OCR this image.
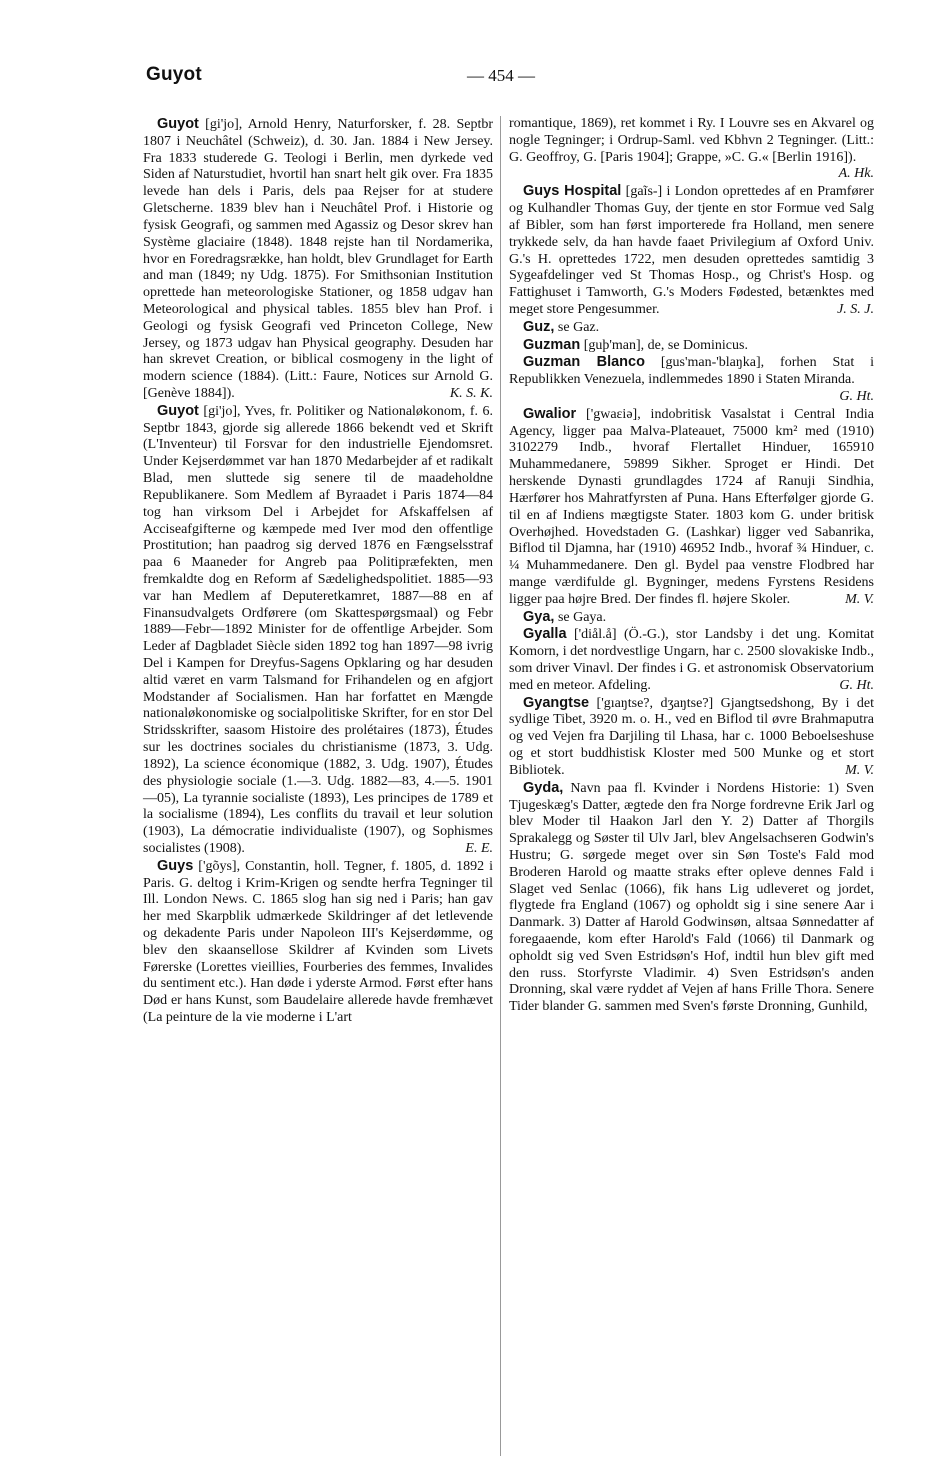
Guyot	— 454 —

Guyot [gi'jo], Arnold Henry, Naturforsker, f. 28. Septbr 1807 i Neuchâtel (Schweiz), d. 30. Jan. 1884 i New Jersey. Fra 1833 studerede G. Teologi i Berlin, men dyrkede ved Siden af Naturstudiet, hvortil han snart helt gik over. Fra 1835 levede han dels i Paris, dels paa Rejser for at studere Gletscherne. 1839 blev han i Neuchâtel Prof. i Historie og fysisk Geografi, og sammen med Agassiz og Desor skrev han Système glaciaire (1848). 1848 rejste han til Nordamerika, hvor en Foredragsrække, han holdt, blev Grundlaget for Earth and man (1849; ny Udg. 1875). For Smithsonian Institution oprettede han meteorologiske Stationer, og 1858 udgav han Meteorological and physical tables. 1855 blev han Prof. i Geologi og fysisk Geografi ved Princeton College, New Jersey, og 1873 udgav han Physical geography. Desuden har han skrevet Creation, or biblical cosmogeny in the light of modern science (1884). (Litt.: Faure, Notices sur Arnold G. [Genève 1884]).	K. S. K.

Guyot [gi'jo], Yves, fr. Politiker og Nationaløkonom, f. 6. Septbr 1843, gjorde sig allerede 1866 bekendt ved et Skrift (L'Inventeur) til Forsvar for den industrielle Ejendomsret. Under Kejserdømmet var han 1870 Medarbejder af et radikalt Blad, men sluttede sig senere til de maadeholdne Republikanere. Som Medlem af Byraadet i Paris 1874—84 tog han virksom Del i Arbejdet for Afskaffelsen af Acciseafgifterne og kæmpede med Iver mod den offentlige Prostitution; han paadrog sig derved 1876 en Fængselsstraf paa 6 Maaneder for Angreb paa Politipræfekten, men fremkaldte dog en Reform af Sædelighedspolitiet. 1885—93 var han Medlem af Deputeretkamret, 1887—88 en af Finansudvalgets Ordførere (om Skattespørgsmaal) og Febr 1889—Febr—1892 Minister for de offentlige Arbejder. Som Leder af Dagbladet Siècle siden 1892 tog han 1897—98 ivrig Del i Kampen for Dreyfus-Sagens Opklaring og har desuden altid været en varm Talsmand for Frihandelen og en afgjort Modstander af Socialismen. Han har forfattet en Mængde nationaløkonomiske og socialpolitiske Skrifter, for en stor Del Stridsskrifter, saasom Histoire des prolétaires (1873), Études sur les doctrines sociales du christianisme (1873, 3. Udg. 1892), La science économique (1882, 3. Udg. 1907), Études des physiologie sociale (1.—3. Udg. 1882—83, 4.—5. 1901—05), La tyrannie socialiste (1893), Les principes de 1789 et la socialisme (1894), Les conflits du travail et leur solution (1903), La démocratie individualiste (1907), og Sophismes socialistes (1908).	E. E.

Guys ['gõys], Constantin, holl. Tegner, f. 1805, d. 1892 i Paris. G. deltog i Krim-Krigen og sendte herfra Tegninger til Ill. London News. C. 1865 slog han sig ned i Paris; han gav her med Skarpblik udmærkede Skildringer af det letlevende og dekadente Paris under Napoleon III's Kejserdømme, og blev den skaansellose Skildrer af Kvinden som Livets Førerske (Lorettes vieillies, Fourberies des femmes, Invalides du sentiment etc.). Han døde i yderste Armod. Først efter hans Død er hans Kunst, som Baudelaire allerede havde fremhævet (La peinture de la vie moderne i L'art

romantique, 1869), ret kommet i Ry. I Louvre ses en Akvarel og nogle Tegninger; i Ordrup-Saml. ved Kbhvn 2 Tegninger. (Litt.: G. Geoffroy, G. [Paris 1904]; Grappe, »C. G.« [Berlin 1916]).
A. Hk.

Guys Hospital [gaĩs-] i London oprettedes af en Pramfører og Kulhandler Thomas Guy, der tjente en stor Formue ved Salg af Bibler, som han først importerede fra Holland, men senere trykkede selv, da han havde faaet Privilegium af Oxford Univ. G.'s H. oprettedes 1722, men desuden oprettedes samtidig 3 Sygeafdelinger ved St Thomas Hosp., og Christ's Hosp. og Fattighuset i Tamworth, G.'s Moders Fødested, betænktes med meget store Pengesummer.	J. S. J.

Guz, se Gaz.

Guzman [guþ'man], de, se Dominicus.

Guzman Blanco [gus'man-'blaŋka], forhen Stat i Republikken Venezuela, indlemmedes 1890 i Staten Miranda.
G. Ht.

Gwalior ['gwaɛiə], indobritisk Vasalstat i Central India Agency, ligger paa Malva-Plateauet, 75000 km² med (1910) 3102279 Indb., hvoraf Flertallet Hinduer, 165910 Muhammedanere, 59899 Sikher. Sproget er Hindi. Det herskende Dynasti grundlagdes 1724 af Ranuji Sindhia, Hærfører hos Mahratfyrsten af Puna. Hans Efterfølger gjorde G. til en af Indiens mægtigste Stater. 1803 kom G. under britisk Overhøjhed. Hovedstaden G. (Lashkar) ligger ved Sabanrika, Biflod til Djamna, har (1910) 46952 Indb., hvoraf ¾ Hinduer, c. ¼ Muhammedanere. Den gl. Bydel paa venstre Flodbred har mange værdifulde gl. Bygninger, medens Fyrstens Residens ligger paa højre Bred. Der findes fl. højere Skoler.	M. V.

Gya, se Gaya.

Gyalla ['diål.å] (Ö.-G.), stor Landsby i det ung. Komitat Komorn, i det nordvestlige Ungarn, har c. 2500 slovakiske Indb., som driver Vinavl. Der findes i G. et astronomisk Observatorium med en meteor. Afdeling.	G. Ht.

Gyangtse ['gıaŋtse?, dʒaŋtse?] Gjangtsedshong, By i det sydlige Tibet, 3920 m. o. H., ved en Biflod til øvre Brahmaputra og ved Vejen fra Darjiling til Lhasa, har c. 1000 Beboelseshuse og et stort buddhistisk Kloster med 500 Munke og et stort Bibliotek.	M. V.

Gyda, Navn paa fl. Kvinder i Nordens Historie: 1) Sven Tjugeskæg's Datter, ægtede den fra Norge fordrevne Erik Jarl og blev Moder til Haakon Jarl den Y. 2) Datter af Thorgils Sprakalegg og Søster til Ulv Jarl, blev Angelsachseren Godwin's Hustru; G. sørgede meget over sin Søn Toste's Fald mod Broderen Harold og maatte straks efter opleve dennes Fald i Slaget ved Senlac (1066), fik hans Lig udleveret og jordet, flygtede fra England (1067) og opholdt sig i sine senere Aar i Danmark. 3) Datter af Harold Godwinsøn, altsaa Sønnedatter af foregaaende, kom efter Harold's Fald (1066) til Danmark og opholdt sig ved Sven Estridsøn's Hof, indtil hun blev gift med den russ. Storfyrste Vladimir. 4) Sven Estridsøn's anden Dronning, skal være ryddet af Vejen af hans Frille Thora. Senere Tider blander G. sammen med Sven's første Dronning, Gunhild,
